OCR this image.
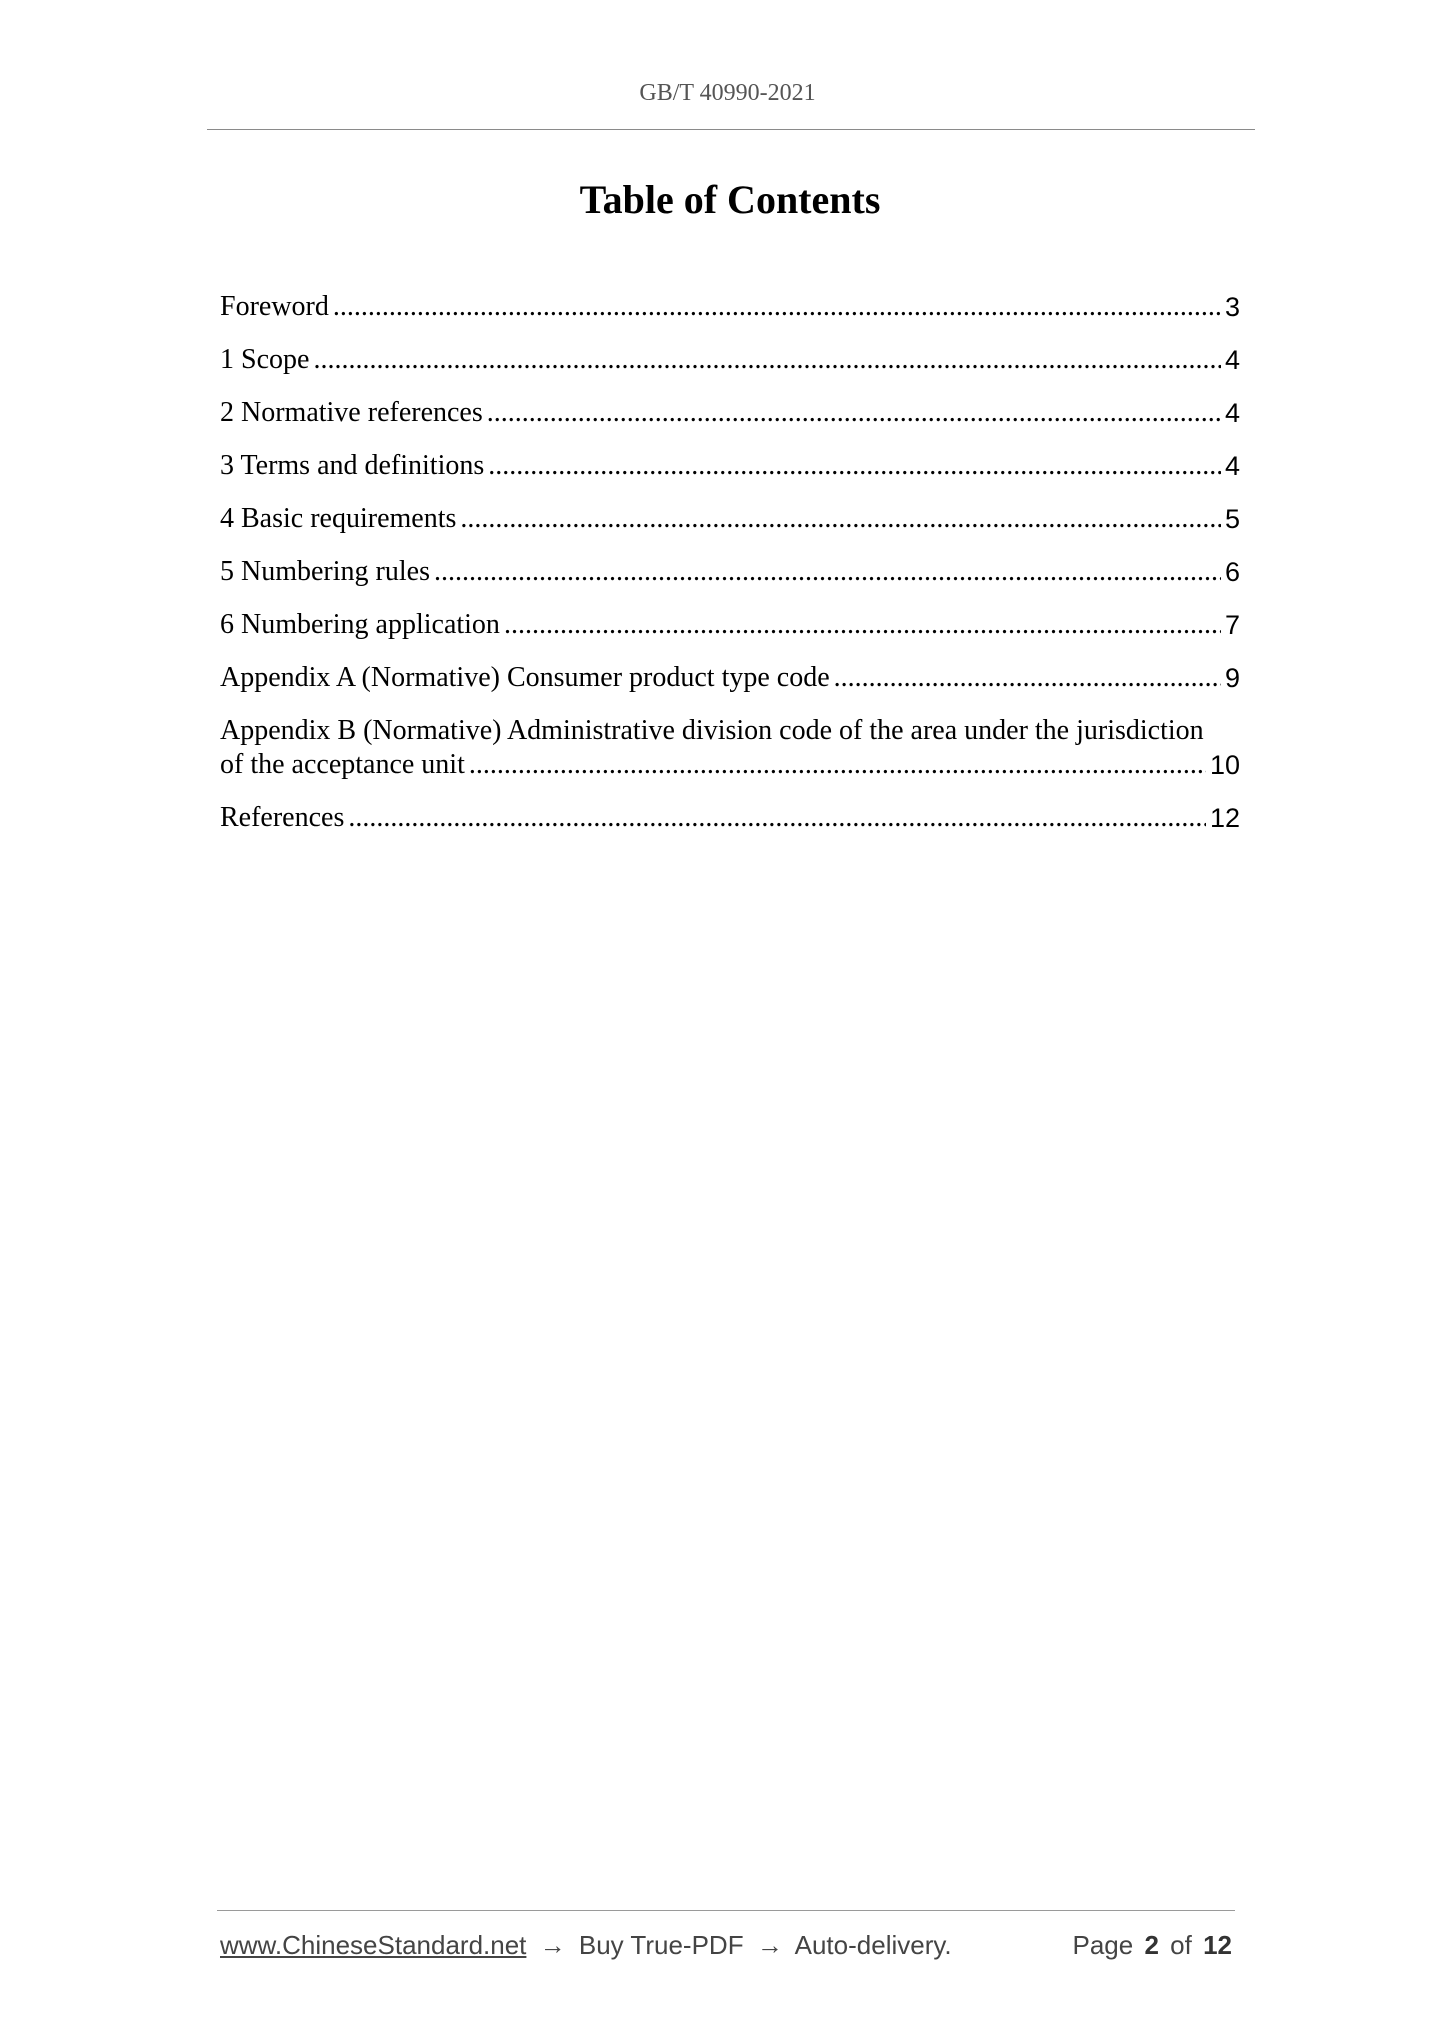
GB/T 40990-2021
Table of Contents
Foreword .....	3
1 Scope .....	4
2 Normative references .....	4
3 Terms and definitions .....	4
4 Basic requirements .....	5
5 Numbering rules .....	6
6 Numbering application .....	7
Appendix A (Normative) Consumer product type code .....	9
Appendix B (Normative) Administrative division code of the area under the jurisdiction
of the acceptance unit .....	10
References .....	12
www.ChineseStandard.net → Buy True-PDF → Auto-delivery.	Page 2 of 12
